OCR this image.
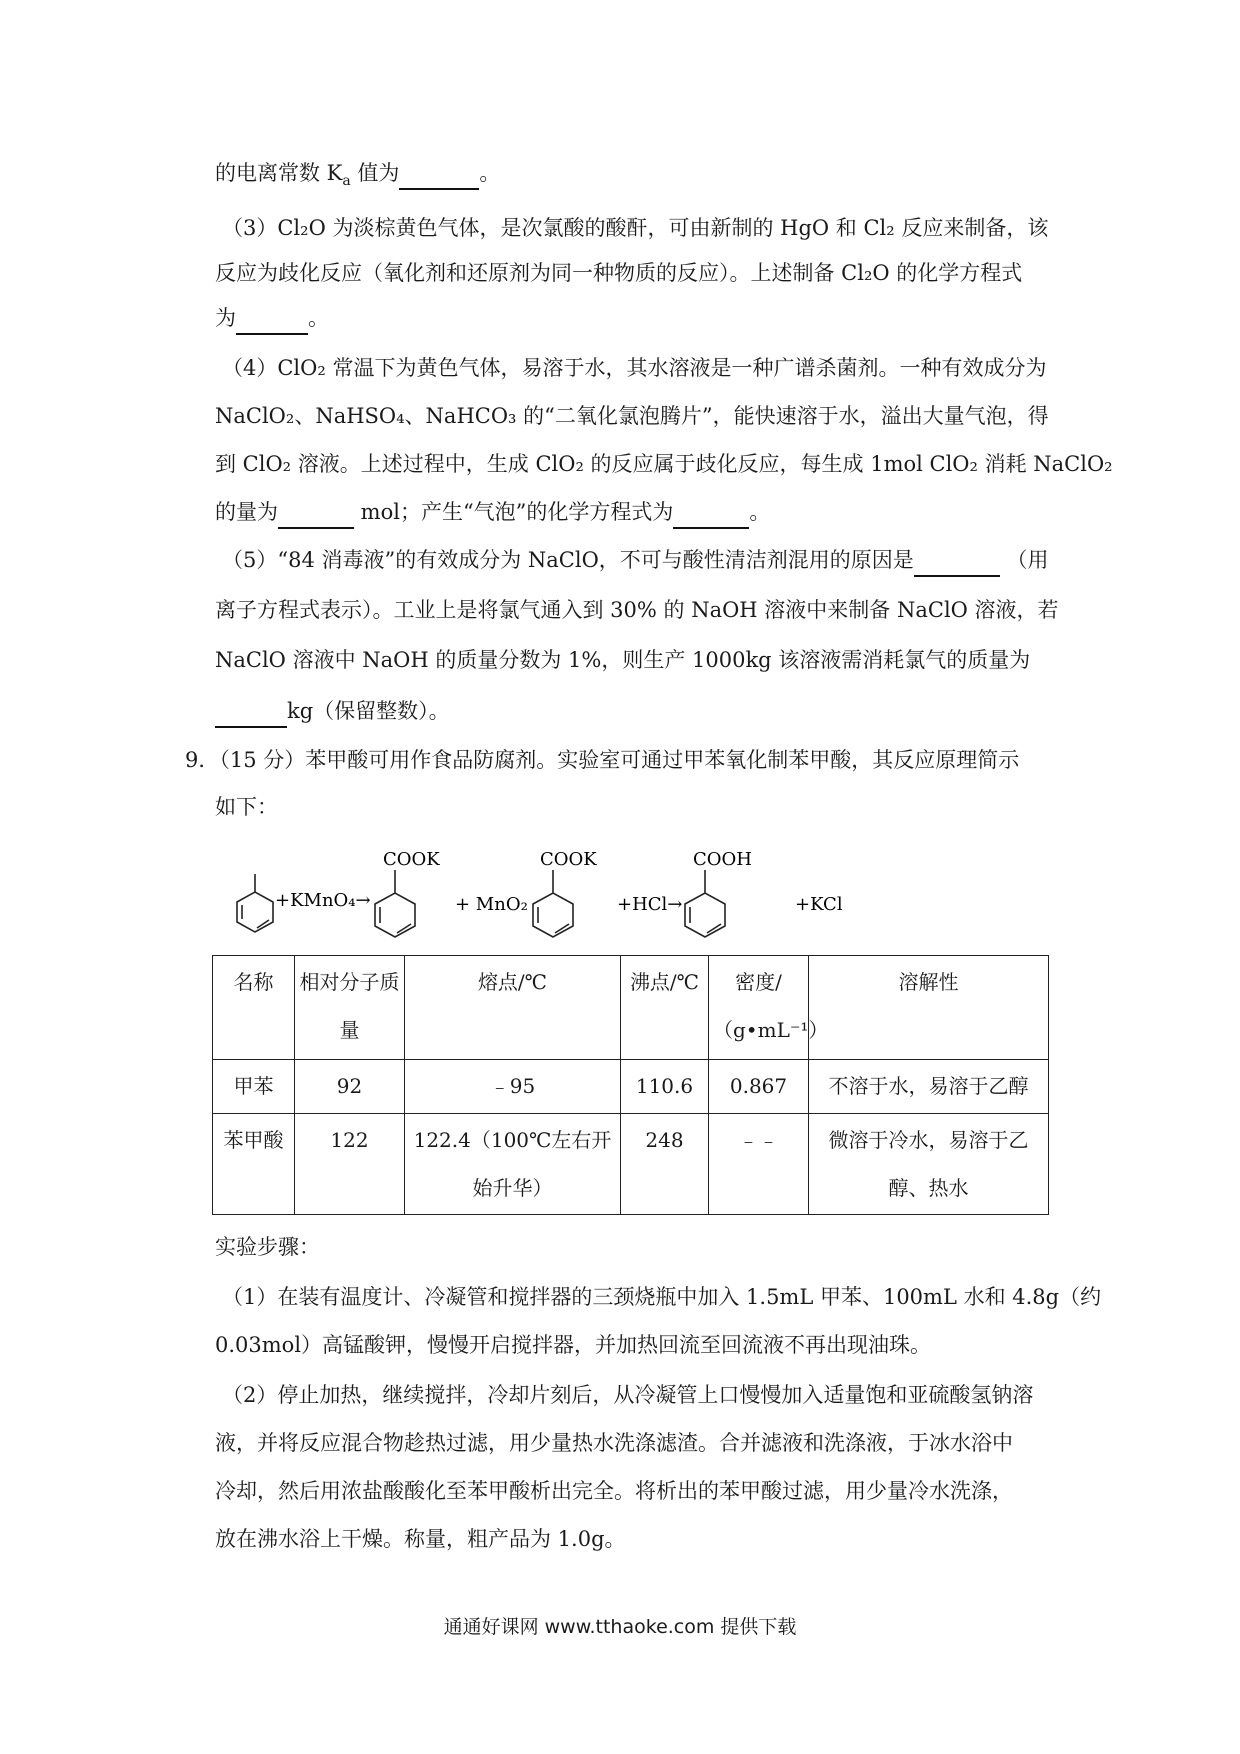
的电离常数 $K_a$ 值为	。
（3）Cl₂O 为淡棕黄色气体，是次氯酸的酸酐，可由新制的 HgO 和 Cl₂ 反应来制备，该
反应为歧化反应（氧化剂和还原剂为同一种物质的反应）。上述制备 Cl₂O 的化学方程式
为	。
（4）ClO₂ 常温下为黄色气体，易溶于水，其水溶液是一种广谱杀菌剂。一种有效成分为
NaClO₂、NaHSO₄、NaHCO₃ 的“二氧化氯泡腾片”，能快速溶于水，溢出大量气泡，得
到 ClO₂ 溶液。上述过程中，生成 ClO₂ 的反应属于歧化反应，每生成 1mol ClO₂ 消耗 NaClO₂
的量为	mol；产生“气泡”的化学方程式为	。
（5）“84 消毒液”的有效成分为 NaClO，不可与酸性清洁剂混用的原因是	（用
离子方程式表示）。工业上是将氯气通入到 30% 的 NaOH 溶液中来制备 NaClO 溶液，若
NaClO 溶液中 NaOH 的质量分数为 1%，则生产 1000kg 该溶液需消耗氯气的质量为
kg（保留整数）。
9．（15 分）苯甲酸可用作食品防腐剂。实验室可通过甲苯氧化制苯甲酸，其反应原理简示
如下：
+KMnO₄→
COOK
+ MnO₂
COOK
+HCl→
COOH
+KCl
名称	相对分子质量	熔点/℃	沸点/℃	密度/（g•mL⁻¹）	溶解性
甲苯	92	﹣95	110.6	0.867	不溶于水，易溶于乙醇
苯甲酸	122	122.4（100℃左右开始升华）	248	﹣﹣	微溶于冷水，易溶于乙醇、热水
实验步骤：
（1）在装有温度计、冷凝管和搅拌器的三颈烧瓶中加入 1.5mL 甲苯、100mL 水和 4.8g（约
0.03mol）高锰酸钾，慢慢开启搅拌器，并加热回流至回流液不再出现油珠。
（2）停止加热，继续搅拌，冷却片刻后，从冷凝管上口慢慢加入适量饱和亚硫酸氢钠溶
液，并将反应混合物趁热过滤，用少量热水洗涤滤渣。合并滤液和洗涤液，于冰水浴中
冷却，然后用浓盐酸酸化至苯甲酸析出完全。将析出的苯甲酸过滤，用少量冷水洗涤，
放在沸水浴上干燥。称量，粗产品为 1.0g。
通通好课网 www.tthaoke.com 提供下载
